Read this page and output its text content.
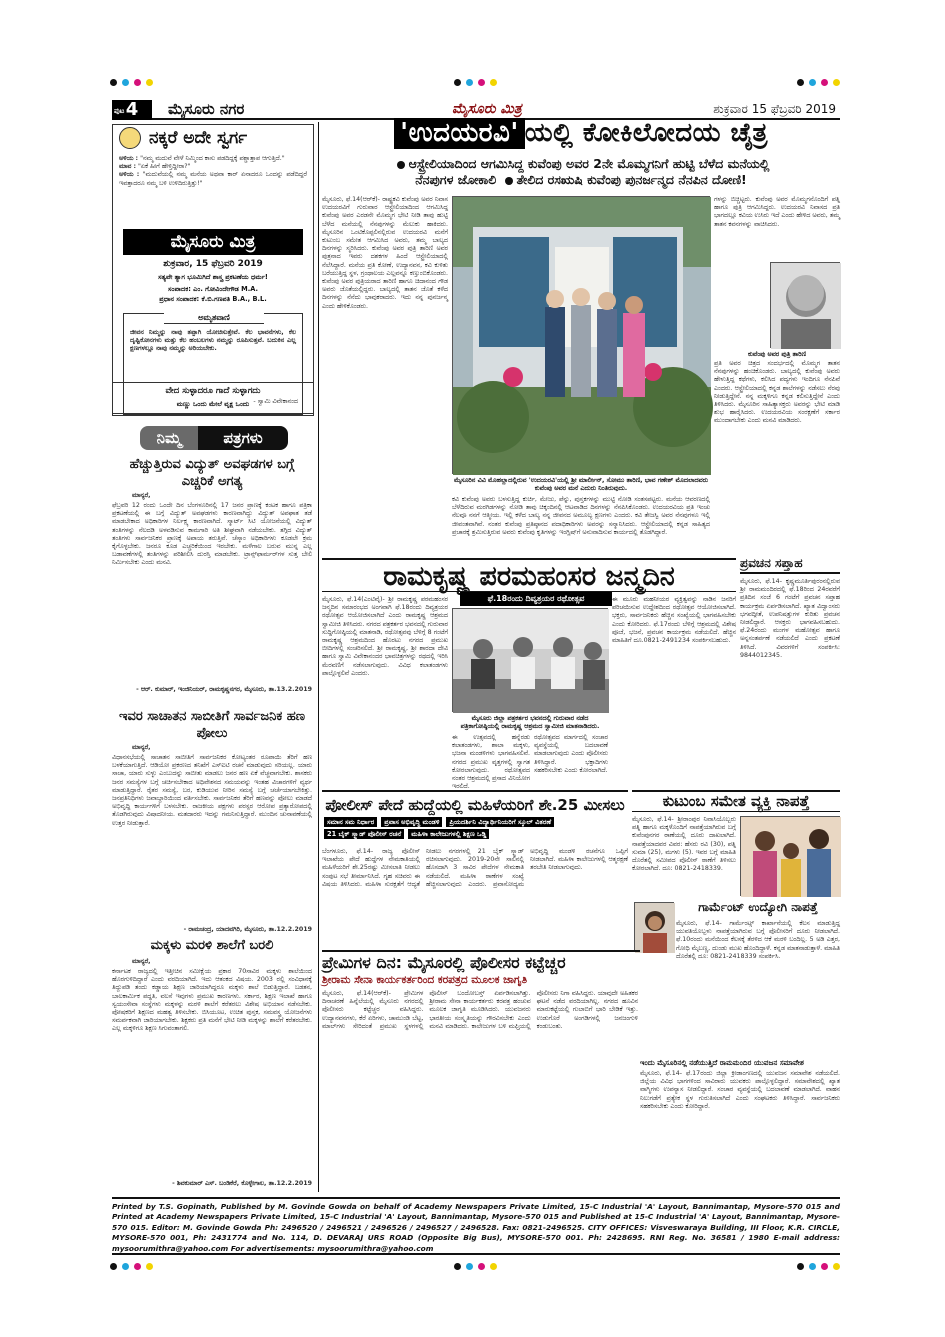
ಪುಟ 4	ಮೈಸೂರು ನಗರ	ಮೈಸೂರು ಮಿತ್ರ	ಶುಕ್ರವಾರ 15 ಫೆಬ್ರವರಿ 2019
ನಕ್ಕರೆ ಅದೇ ಸ್ವರ್ಗ
ಅಳಿಯ : "ನಮ್ಮ ಮದುವೆ ವೇಳೆ ನಿಮ್ಮಿಂದ ಕಾಸು ಪಡದಿದ್ದಕ್ಕೆ ಪಶ್ಚಾತ್ತಾಪ ಆಗುತ್ತಿದೆ."
ಮಾವ : "ಏಕೆ ಹೀಗೆ ಹೇಳ್ತಿದ್ದೀರಾ?"
ಅಳಿಯ : "ಮದುವೆಯಲ್ಲಿ ನಮ್ಮ ಮನೆಯ ಅಥವಾ ಕಾರ್ ಏನಾದರೂ ಒಂದನ್ನು ಪಡೆದಿದ್ದರೆ ಇವತ್ತಾದರೂ ನಮ್ಮ ಬಳಿ ಉಳಿದಿರುತ್ತಿತ್ತು!"
ಮೈಸೂರು ಮಿತ್ರ
ಶುಕ್ರವಾರ, 15 ಫೆಬ್ರವರಿ 2019
ಸತ್ಯವೇ ತ್ಯಾಗ ಭೂಮಿಗಿದೆ ಶಾಸ್ತ್ರ ಪ್ರಕಟಣೆಯ ಧರ್ಮ!
ಸಂಪಾದಕ: ಎಂ. ಗೋವಿಂದೇಗೌಡ M.A.
ಪ್ರಧಾನ ಸಂಪಾದಕ: ಕೆ.ಬಿ.ಗಣಪತಿ B.A., B.L.
ಅಮೃತವಾಣಿ
ಜೀವನ ನಿಮ್ಮನ್ನು ನಾವು ತಪ್ಪಾಗಿ ಯೋಚಿಸುತ್ತೇವೆ. ಕೆಲ ಭಾವನೆಗಳು, ಕೆಲ ದೃಷ್ಟಿಕೋನಗಳು ಮತ್ತು ಕೆಲ ಹಂಬಲಗಳು ನಮ್ಮನ್ನು ರೂಪಿಸುತ್ತವೆ. ಬದುಕಿನ ಎಲ್ಲ ಕ್ಷಣಗಳಲ್ಲೂ ನಾವು ನಮ್ಮನ್ನು ಅರಿಯಬೇಕು.
- ಸ್ವಾಮಿ ವಿವೇಕಾನಂದ
ವೇದ ಸುಳ್ಳಾದರೂ ಗಾದೆ ಸುಳ್ಳಾಗದು
ಮಣ್ಣು ಒಂದು ಮೇಲೆ ವೃಕ್ಷ ಒಂದು
ನಿಮ್ಮ	ಪತ್ರಗಳು
ಹೆಚ್ಚುತ್ತಿರುವ ವಿದ್ಯುತ್ ಅವಘಡಗಳ ಬಗ್ಗೆ ಎಚ್ಚರಿಕೆ ಅಗತ್ಯ
ಮಾನ್ಯರೆ,
ಫೆಬ್ರವರಿ 12 ರಂದು ಒಂದೇ ದಿನ ಬೆಂಗಳೂರಿನಲ್ಲಿ 17 ಜನರ ಪ್ರಾಣಕ್ಕೆ ಕಂಟಕ ಹಾಗೂ ಪತ್ರಿಕಾ ಪ್ರಕಟಣೆಯಲ್ಲಿ ಈ ಬಗ್ಗೆ ವಿದ್ಯುತ್ ಅವಘಡಗಳು ಕಾರಣವಾಗಿದ್ದು ವಿದ್ಯುತ್ ಅಪಘಾತ ತಡೆ ಮಾಡಬೇಕಾದ ಅಧಿಕಾರಿಗಳ ನಿರ್ಲಕ್ಷ್ಯ ಕಾರಣವಾಗಿದೆ. ಸ್ಮಾರ್ಟ್ ಸಿಟಿ ಯೋಜನೆಯಲ್ಲಿ ವಿದ್ಯುತ್ ತಂತಿಗಳನ್ನು ನೆಲದಡಿ ಅಳವಡಿಸುವ ಕಾಮಗಾರಿ ಅತಿ ಶೀಘ್ರವಾಗಿ ನಡೆಯಬೇಕು. ತಗ್ಗಿದ ವಿದ್ಯುತ್ ತಂತಿಗಳು ಸಾರ್ವಜನಿಕರ ಪ್ರಾಣಕ್ಕೆ ಅಪಾಯ ತರುತ್ತಿವೆ. ಚೆಸ್ಕಾಂ ಅಧಿಕಾರಿಗಳು ಕೂಡಲೇ ಕ್ರಮ ಕೈಗೊಳ್ಳಬೇಕು. ಜನರೂ ಕೂಡ ಎಚ್ಚರಿಕೆಯಿಂದ ಇರಬೇಕು. ಮಳೆಗಾಲ ಬರುವ ಮುನ್ನ ಎಲ್ಲ ಬಡಾವಣೆಗಳಲ್ಲಿ ತಂತಿಗಳನ್ನು ಪರಿಶೀಲಿಸಿ ದುರಸ್ತಿ ಮಾಡಬೇಕು. ಟ್ರಾನ್ಸ್‌ಫಾರ್ಮರ್‌ಗಳ ಸುತ್ತ ಬೇಲಿ ನಿರ್ಮಿಸಬೇಕು ಎಂದು ಮನವಿ.
- ಆರ್. ಕುಮಾರ್, ಇಂಜಿನಿಯರ್, ರಾಮಕೃಷ್ಣನಗರ, ಮೈಸೂರು, ತಾ.13.2.2019
ಇವರ ಸಾಚಾತನ ಸಾಬೀತಿಗೆ ಸಾರ್ವಜನಿಕ ಹಣ ಪೋಲು
ಮಾನ್ಯರೆ,
ವಿಧಾನಸಭೆಯಲ್ಲಿ ಸಾಚಾತನ ಸಾಬೀತಿಗೆ ಸಾರ್ವಜನಿಕರ ಕೋಟ್ಯಂತರ ರೂಪಾಯಿ ತೆರಿಗೆ ಹಣ ಬಳಕೆಯಾಗುತ್ತಿದೆ. ಆಡಿಯೋ ಪ್ರಕರಣದ ತನಿಖೆಗೆ ಎಸ್ಐಟಿ ರಚನೆ ಮಾಡುವುದು ಸರಿಯಲ್ಲ. ಯಾರು ಸಾಚಾ, ಯಾರು ಸುಳ್ಳು ಎಂಬುದನ್ನು ಸಾಬೀತು ಮಾಡಲು ಜನರ ಹಣ ಏಕೆ ವೆಚ್ಚವಾಗಬೇಕು. ಶಾಸಕರು ಜನರ ಸಮಸ್ಯೆಗಳ ಬಗ್ಗೆ ಚರ್ಚಿಸಬೇಕಾದ ಅಧಿವೇಶನದ ಸಮಯವನ್ನು ಇಂತಹ ವಿಚಾರಗಳಿಗೆ ವ್ಯರ್ಥ ಮಾಡುತ್ತಿದ್ದಾರೆ. ರೈತರ ಸಮಸ್ಯೆ, ಬರ, ಕುಡಿಯುವ ನೀರಿನ ಸಮಸ್ಯೆ ಬಗ್ಗೆ ಚರ್ಚೆಯಾಗಬೇಕಿತ್ತು. ಜನಪ್ರತಿನಿಧಿಗಳು ಜವಾಬ್ದಾರಿಯಿಂದ ವರ್ತಿಸಬೇಕು. ಸಾರ್ವಜನಿಕರ ತೆರಿಗೆ ಹಣವನ್ನು ಪೋಲು ಮಾಡದೆ ಅಭಿವೃದ್ಧಿ ಕಾರ್ಯಗಳಿಗೆ ಬಳಸಬೇಕು. ರಾಜಕೀಯ ಪಕ್ಷಗಳು ಪರಸ್ಪರ ಆರೋಪ ಪ್ರತ್ಯಾರೋಪದಲ್ಲಿ ತೊಡಗಿರುವುದು ವಿಷಾದನೀಯ. ಮತದಾರರು ಇದನ್ನು ಗಮನಿಸುತ್ತಿದ್ದಾರೆ. ಮುಂದಿನ ಚುನಾವಣೆಯಲ್ಲಿ ಉತ್ತರ ನೀಡುತ್ತಾರೆ.
- ರಾಮಚಂದ್ರ, ಯಾದವಗಿರಿ, ಮೈಸೂರು, ತಾ.12.2.2019
ಮಕ್ಕಳು ಮರಳಿ ಶಾಲೆಗೆ ಬರಲಿ
ಮಾನ್ಯರೆ,
ಕರ್ನಾಟಕ ರಾಜ್ಯದಲ್ಲಿ ಇತ್ತೀಚಿನ ಸಮೀಕ್ಷೆಯ ಪ್ರಕಾರ 70ಸಾವಿರ ಮಕ್ಕಳು ಶಾಲೆಯಿಂದ ಹೊರಗುಳಿದಿದ್ದಾರೆ ಎಂದು ವರದಿಯಾಗಿದೆ. ಇದು ಆತಂಕದ ವಿಷಯ. 2003 ರಲ್ಲಿ ಸಂವಿಧಾನಕ್ಕೆ ತಿದ್ದುಪಡಿ ತಂದು ಕಡ್ಡಾಯ ಶಿಕ್ಷಣ ಜಾರಿಯಾಗಿದ್ದರೂ ಮಕ್ಕಳು ಶಾಲೆ ಬಿಡುತ್ತಿದ್ದಾರೆ. ಬಡತನ, ಬಾಲಕಾರ್ಮಿಕ ಪದ್ಧತಿ, ವಲಸೆ ಇವುಗಳು ಪ್ರಮುಖ ಕಾರಣಗಳು. ಸರ್ಕಾರ, ಶಿಕ್ಷಣ ಇಲಾಖೆ ಹಾಗೂ ಸ್ವಯಂಸೇವಾ ಸಂಸ್ಥೆಗಳು ಮಕ್ಕಳನ್ನು ಮರಳಿ ಶಾಲೆಗೆ ಕರೆತರಲು ವಿಶೇಷ ಅಭಿಯಾನ ನಡೆಸಬೇಕು. ಪೋಷಕರಿಗೆ ಶಿಕ್ಷಣದ ಮಹತ್ವ ತಿಳಿಸಬೇಕು. ಬಿಸಿಯೂಟ, ಉಚಿತ ಪುಸ್ತಕ, ಸಮವಸ್ತ್ರ ಯೋಜನೆಗಳು ಸಮರ್ಪಕವಾಗಿ ಜಾರಿಯಾಗಬೇಕು. ಶಿಕ್ಷಕರು ಪ್ರತಿ ಮನೆಗೆ ಭೇಟಿ ನೀಡಿ ಮಕ್ಕಳನ್ನು ಶಾಲೆಗೆ ಕರೆತರಬೇಕು. ಎಲ್ಲ ಮಕ್ಕಳಿಗೂ ಶಿಕ್ಷಣ ಸಿಗುವಂತಾಗಲಿ.
- ಶಿವಕುಮಾರ್ ಎಸ್. ಬಂಡಿಕೆರೆ, ಕೊಳ್ಳೇಗಾಲ, ತಾ.12.2.2019
'ಉದಯರವಿ' ಯಲ್ಲಿ ಕೋಕಿಲೋದಯ ಚೈತ್ರ
ಆಸ್ಟ್ರೇಲಿಯಾದಿಂದ ಆಗಮಿಸಿದ್ದ ಕುವೆಂಪು ಅವರ 2ನೇ ಮೊಮ್ಮಗನಿಗೆ ಹುಟ್ಟಿ ಬೆಳೆದ ಮನೆಯಲ್ಲಿ
ನೆನಪುಗಳ ಜೋಕಾಲಿ ತೇಲಿದ ರಸಋಷಿ ಕುವೆಂಪು ಪುನರ್ಜನ್ಮದ ನೆನಪಿನ ದೋಣಿ!
ಮೈಸೂರು, ಫೆ.14(ಆರ್‌ಕೆ)- ರಾಷ್ಟ್ರಕವಿ ಕುವೆಂಪು ಅವರ ನಿವಾಸ ಉದಯರವಿಗೆ ಗುರುವಾರ ಆಸ್ಟ್ರೇಲಿಯಾದಿಂದ ಆಗಮಿಸಿದ್ದ ಕುವೆಂಪು ಅವರ ಎರಡನೇ ಮೊಮ್ಮಗ ಭೇಟಿ ನೀಡಿ ತಾವು ಹುಟ್ಟಿ ಬೆಳೆದ ಮನೆಯಲ್ಲಿ ನೆನಪುಗಳನ್ನು ಮೆಲುಕು ಹಾಕಿದರು. ಮೈಸೂರಿನ ಒಂಟಿಕೊಪ್ಪಲಿನಲ್ಲಿರುವ ಉದಯರವಿ ಮನೆಗೆ ಕುಟುಂಬ ಸಮೇತ ಆಗಮಿಸಿದ ಅವರು, ತಮ್ಮ ಬಾಲ್ಯದ ದಿನಗಳನ್ನು ಸ್ಮರಿಸಿದರು. ಕುವೆಂಪು ಅವರ ಪುತ್ರಿ ತಾರಿಣಿ ಅವರ ಪುತ್ರನಾದ ಇವರು ದಶಕಗಳ ಹಿಂದೆ ಆಸ್ಟ್ರೇಲಿಯಾದಲ್ಲಿ ನೆಲೆಸಿದ್ದಾರೆ. ಮನೆಯ ಪ್ರತಿ ಕೋಣೆ, ಉದ್ಯಾನವನ, ಕವಿ ಕುಳಿತು ಬರೆಯುತ್ತಿದ್ದ ಸ್ಥಳ, ಗ್ರಂಥಾಲಯ ಎಲ್ಲವನ್ನೂ ಕಣ್ತುಂಬಿಕೊಂಡರು. ಕುವೆಂಪು ಅವರ ಪುತ್ರಿಯರಾದ ತಾರಿಣಿ ಹಾಗೂ ಚಿದಾನಂದ ಗೌಡ ಅವರು ಜೊತೆಯಲ್ಲಿದ್ದರು. ಬಾಲ್ಯದಲ್ಲಿ ತಾತನ ಜೊತೆ ಕಳೆದ ದಿನಗಳನ್ನು ನೆನೆದು ಭಾವುಕರಾದರು. ಇದು ನನ್ನ ಪುನರ್ಜನ್ಮ ಎಂದು ಹೇಳಿಕೊಂಡರು.
ಮೈಸೂರಿನ ವಿವಿ ಮೊಹಲ್ಲಾದಲ್ಲಿರುವ 'ಉದಯರವಿ'ಯಲ್ಲಿ ಶ್ರೀ ಮಾರ್ಲೀನ್, ಸೋಮು ತಾರಿಣಿ, ಭಾವ ಗಣೇಶ್ ಮೊದಲಾದವರು ಕುವೆಂಪು ಅವರ ಮನೆ ಎದುರು ನಿಂತಿರುವುದು.
ಗಳನ್ನು ಬಿಚ್ಚಿಟ್ಟರು. ಕುವೆಂಪು ಅವರ ಮೊಮ್ಮಗನೊಂದಿಗೆ ಪತ್ನಿ ಹಾಗೂ ಪುತ್ರಿ ಆಗಮಿಸಿದ್ದರು. ಉದಯರವಿ ನಿವಾಸದ ಪ್ರತಿ ಭಾಗದಲ್ಲೂ ಕವಿಯ ಉಸಿರು ಇದೆ ಎಂದು ಹೇಳಿದ ಅವರು, ತಮ್ಮ ತಾತನ ಕವನಗಳನ್ನು ವಾಚಿಸಿದರು.
ಕುವೆಂಪು ಅವರ ಪುತ್ರಿ ತಾರಿಣಿ
ಪ್ರತಿ ಅವರ ಚಿತ್ರದ ಸಂದರ್ಭದಲ್ಲಿ ಮೊಮ್ಮಗ ತಾತನ ನೆನಪುಗಳನ್ನು ಹಂಚಿಕೊಂಡರು. ಬಾಲ್ಯದಲ್ಲಿ ಕುವೆಂಪು ಅವರು ಹೇಳುತ್ತಿದ್ದ ಕಥೆಗಳು, ಕಲಿಸಿದ ಪದ್ಯಗಳು ಇಂದಿಗೂ ನೆನಪಿವೆ ಎಂದರು. ಆಸ್ಟ್ರೇಲಿಯಾದಲ್ಲಿ ಕನ್ನಡ ಶಾಲೆಗಳನ್ನು ನಡೆಸಲು ನೆರವು ನೀಡುತ್ತಿದ್ದೇನೆ. ನನ್ನ ಮಕ್ಕಳಿಗೂ ಕನ್ನಡ ಕಲಿಸುತ್ತಿದ್ದೇನೆ ಎಂದು ತಿಳಿಸಿದರು. ಮೈಸೂರಿನ ಸಾಹಿತ್ಯಾಸಕ್ತರು ಅವರನ್ನು ಭೇಟಿ ಮಾಡಿ ಶುಭ ಹಾರೈಸಿದರು. ಉದಯರವಿಯ ಸಂರಕ್ಷಣೆಗೆ ಸರ್ಕಾರ ಮುಂದಾಗಬೇಕು ಎಂದು ಮನವಿ ಮಾಡಿದರು.
ಕವಿ ಕುವೆಂಪು ಅವರು ಬಳಸುತ್ತಿದ್ದ ಕುರ್ಚಿ, ಮೇಜು, ಪೆನ್ನು, ಪುಸ್ತಕಗಳನ್ನು ಮುಟ್ಟಿ ನೋಡಿ ಸಂತಸಪಟ್ಟರು. ಮನೆಯ ಆವರಣದಲ್ಲಿ ಬೆಳೆದಿರುವ ಮರಗಿಡಗಳನ್ನು ನೋಡಿ ತಾವು ಚಿಕ್ಕಂದಿನಲ್ಲಿ ಆಟವಾಡಿದ ದಿನಗಳನ್ನು ನೆನಪಿಸಿಕೊಂಡರು. ಉದಯರವಿಯ ಪ್ರತಿ ಇಂಚು ನೆಲವೂ ನನಗೆ ಆತ್ಮೀಯ. ಇಲ್ಲಿ ಕಳೆದ ಬಾಲ್ಯ ನನ್ನ ಜೀವನದ ಅಮೂಲ್ಯ ಕ್ಷಣಗಳು ಎಂದರು. ಕವಿ ತೇಜಸ್ವಿ ಅವರ ನೆನಪುಗಳೂ ಇಲ್ಲಿ ಜೀವಂತವಾಗಿವೆ. ನಂತರ ಕುವೆಂಪು ಪ್ರತಿಷ್ಠಾನದ ಪದಾಧಿಕಾರಿಗಳು ಅವರನ್ನು ಸನ್ಮಾನಿಸಿದರು. ಆಸ್ಟ್ರೇಲಿಯಾದಲ್ಲಿ ಕನ್ನಡ ಸಾಹಿತ್ಯದ ಪ್ರಚಾರಕ್ಕೆ ಶ್ರಮಿಸುತ್ತಿರುವ ಅವರು ಕುವೆಂಪು ಕೃತಿಗಳನ್ನು ಇಂಗ್ಲಿಷ್‌ಗೆ ಅನುವಾದಿಸುವ ಕಾರ್ಯದಲ್ಲಿ ತೊಡಗಿದ್ದಾರೆ.
ರಾಮಕೃಷ್ಣ ಪರಮಹಂಸರ ಜನ್ಮದಿನ
ಫೆ.18ರಂದು ದಿವ್ಯತ್ರಯರ ರಥೋತ್ಸವ
ಮೈಸೂರು, ಫೆ.14(ಎಂಟಿವೈ)- ಶ್ರೀ ರಾಮಕೃಷ್ಣ ಪರಮಹಂಸರ ಜನ್ಮದಿನ ಸಮಾರಂಭದ ಅಂಗವಾಗಿ ಫೆ.18ರಂದು ದಿವ್ಯತ್ರಯರ ರಥೋತ್ಸವ ಆಯೋಜಿಸಲಾಗಿದೆ ಎಂದು ರಾಮಕೃಷ್ಣ ಆಶ್ರಮದ ಸ್ವಾಮೀಜಿ ತಿಳಿಸಿದರು. ನಗರದ ಪತ್ರಕರ್ತರ ಭವನದಲ್ಲಿ ಗುರುವಾರ ಸುದ್ದಿಗೋಷ್ಠಿಯಲ್ಲಿ ಮಾತನಾಡಿ, ರಥೋತ್ಸವವು ಬೆಳಿಗ್ಗೆ 8 ಗಂಟೆಗೆ ರಾಮಕೃಷ್ಣ ಆಶ್ರಮದಿಂದ ಹೊರಟು ನಗರದ ಪ್ರಮುಖ ಬೀದಿಗಳಲ್ಲಿ ಸಂಚರಿಸಲಿದೆ. ಶ್ರೀ ರಾಮಕೃಷ್ಣ, ಶ್ರೀ ಶಾರದಾ ದೇವಿ ಹಾಗೂ ಸ್ವಾಮಿ ವಿವೇಕಾನಂದರ ಭಾವಚಿತ್ರಗಳನ್ನು ರಥದಲ್ಲಿ ಇರಿಸಿ ಮೆರವಣಿಗೆ ನಡೆಸಲಾಗುವುದು. ವಿವಿಧ ಕಲಾತಂಡಗಳು ಪಾಲ್ಗೊಳ್ಳಲಿವೆ ಎಂದರು.
ಮೈಸೂರು ಜಿಲ್ಲಾ ಪತ್ರಕರ್ತರ ಭವನದಲ್ಲಿ ಗುರುವಾರ ನಡೆದ ಪತ್ರಿಕಾಗೋಷ್ಠಿಯಲ್ಲಿ ರಾಮಕೃಷ್ಣ ಆಶ್ರಮದ ಸ್ವಾಮೀಜಿ ಮಾತನಾಡಿದರು.
ಈ ಮೂರು ಮಹನೀಯರ ವ್ಯಕ್ತಿತ್ವವನ್ನು ನಾಡಿನ ಜನರಿಗೆ ಪರಿಚಯಿಸುವ ಉದ್ದೇಶದಿಂದ ರಥೋತ್ಸವ ಆಯೋಜಿಸಲಾಗಿದೆ. ಭಕ್ತರು, ಸಾರ್ವಜನಿಕರು ಹೆಚ್ಚಿನ ಸಂಖ್ಯೆಯಲ್ಲಿ ಭಾಗವಹಿಸಬೇಕು ಎಂದು ಕೋರಿದರು. ಫೆ.17ರಂದು ಬೆಳಿಗ್ಗೆ ಆಶ್ರಮದಲ್ಲಿ ವಿಶೇಷ ಪೂಜೆ, ಭಜನೆ, ಪ್ರವಚನ ಕಾರ್ಯಕ್ರಮ ನಡೆಯಲಿದೆ. ಹೆಚ್ಚಿನ ಮಾಹಿತಿಗೆ ದೂ.0821-2491234 ಸಂಪರ್ಕಿಸಬಹುದು.
ಈ ಉತ್ಸವದಲ್ಲಿ ಹನ್ನೆರಡು ಕಲಾತಂಡಗಳು, ಶಾಲಾ ಮಕ್ಕಳು, ಭಜನಾ ಮಂಡಳಿಗಳು ಭಾಗವಹಿಸಲಿವೆ. ನಗರದ ಪ್ರಮುಖ ವೃತ್ತಗಳಲ್ಲಿ ಸ್ವಾಗತ ಕೋರಲಾಗುವುದು. ರಥೋತ್ಸವದ ನಂತರ ಆಶ್ರಮದಲ್ಲಿ ಪ್ರಸಾದ ವಿನಿಯೋಗ ಇರಲಿದೆ.
ರಥೋತ್ಸವದ ಮಾರ್ಗದಲ್ಲಿ ಸಂಚಾರ ವ್ಯವಸ್ಥೆಯಲ್ಲಿ ಬದಲಾವಣೆ ಮಾಡಲಾಗುವುದು ಎಂದು ಪೊಲೀಸರು ತಿಳಿಸಿದ್ದಾರೆ. ಭಕ್ತಾದಿಗಳು ಸಹಕರಿಸಬೇಕು ಎಂದು ಕೋರಲಾಗಿದೆ.
ಪ್ರವಚನ ಸಪ್ತಾಹ
ಮೈಸೂರು, ಫೆ.14- ಕೃಷ್ಣಮೂರ್ತಿಪುರಂನಲ್ಲಿರುವ ಶ್ರೀ ರಾಮಮಂದಿರದಲ್ಲಿ ಫೆ.18ರಿಂದ 24ರವರೆಗೆ ಪ್ರತಿದಿನ ಸಂಜೆ 6 ಗಂಟೆಗೆ ಪ್ರವಚನ ಸಪ್ತಾಹ ಕಾರ್ಯಕ್ರಮ ಏರ್ಪಡಿಸಲಾಗಿದೆ. ಖ್ಯಾತ ವಿದ್ವಾಂಸರು ಭಗವದ್ಗೀತೆ, ಉಪನಿಷತ್ತುಗಳ ಕುರಿತು ಪ್ರವಚನ ನೀಡಲಿದ್ದಾರೆ. ಆಸಕ್ತರು ಭಾಗವಹಿಸಬಹುದು. ಫೆ.24ರಂದು ಮಂಗಳ ಮಹೋತ್ಸವ ಹಾಗೂ ಅನ್ನಸಂತರ್ಪಣೆ ನಡೆಯಲಿದೆ ಎಂದು ಪ್ರಕಟಣೆ ತಿಳಿಸಿದೆ. ವಿವರಗಳಿಗೆ ಸಂಪರ್ಕಿಸಿ: 9844012345.
ಪೋಲೀಸ್ ಪೇದೆ ಹುದ್ದೆಯಲ್ಲಿ ಮಹಿಳೆಯರಿಗೆ ಶೇ.25 ಮೀಸಲು
ಸಮಾನ ಸಮ ನಿರ್ಧಾರ ಪ್ರವಾಸ ಅಭಿವೃದ್ಧಿ ಮಂಡಳಿ ಪ್ರಿಯದರ್ಶಿನಿ ವಿದ್ಯಾರ್ಥಿನಿಯರಿಗೆ ಸ್ಕೂಲ್ ವಿತರಣೆ
21 ಬೈಕ್ ಸ್ಕ್ವಾಡ್ ಪೊಲೀಸ್ ರಚನೆ ಮಹಿಳಾ ಕಾಲೇಜುಗಳಲ್ಲಿ ಶಿಕ್ಷಣ ಒಡ್ಡಿ
ಬೆಂಗಳೂರು, ಫೆ.14- ರಾಜ್ಯ ಪೊಲೀಸ್ ಇಲಾಖೆಯ ಪೇದೆ ಹುದ್ದೆಗಳ ನೇಮಕಾತಿಯಲ್ಲಿ ಮಹಿಳೆಯರಿಗೆ ಶೇ.25ರಷ್ಟು ಮೀಸಲಾತಿ ನೀಡಲು ಸಂಪುಟ ಸಭೆ ತೀರ್ಮಾನಿಸಿದೆ. ಗೃಹ ಸಚಿವರು ಈ ವಿಷಯ ತಿಳಿಸಿದರು. ಮಹಿಳಾ ಸುರಕ್ಷತೆಗೆ ಆದ್ಯತೆ ನೀಡಲು ನಗರಗಳಲ್ಲಿ 21 ಬೈಕ್ ಸ್ಕ್ವಾಡ್ ರಚಿಸಲಾಗುವುದು. 2019-20ನೇ ಸಾಲಿನಲ್ಲಿ ಹೊಸದಾಗಿ 3 ಸಾವಿರ ಪೇದೆಗಳ ನೇಮಕಾತಿ ನಡೆಯಲಿದೆ. ಮಹಿಳಾ ಠಾಣೆಗಳ ಸಂಖ್ಯೆ ಹೆಚ್ಚಿಸಲಾಗುವುದು ಎಂದರು. ಪ್ರವಾಸೋದ್ಯಮ ಅಭಿವೃದ್ಧಿ ಮಂಡಳಿ ರಚನೆಗೂ ಒಪ್ಪಿಗೆ ನೀಡಲಾಗಿದೆ. ಮಹಿಳಾ ಕಾಲೇಜುಗಳಲ್ಲಿ ಆತ್ಮರಕ್ಷಣೆ ತರಬೇತಿ ನೀಡಲಾಗುವುದು.
ಕುಟುಂಬ ಸಮೇತ ವ್ಯಕ್ತಿ ನಾಪತ್ತೆ
ಮೈಸೂರು, ಫೆ.14- ಶ್ರೀರಾಂಪುರ ನಿವಾಸಿಯೊಬ್ಬರು ಪತ್ನಿ ಹಾಗೂ ಮಕ್ಕಳೊಂದಿಗೆ ನಾಪತ್ತೆಯಾಗಿರುವ ಬಗ್ಗೆ ಕುವೆಂಪುನಗರ ಠಾಣೆಯಲ್ಲಿ ದೂರು ದಾಖಲಾಗಿದೆ. ನಾಪತ್ತೆಯಾದವರ ವಿವರ: ಹೆಸರು ರವಿ (30), ಪತ್ನಿ ಸುಮಾ (25), ಮಗಳು (5). ಇವರ ಬಗ್ಗೆ ಮಾಹಿತಿ ದೊರೆತಲ್ಲಿ ಸಮೀಪದ ಪೊಲೀಸ್ ಠಾಣೆಗೆ ತಿಳಿಸಲು ಕೋರಲಾಗಿದೆ. ದೂ: 0821-2418339.
ಗಾರ್ಮೆಂಟ್ ಉದ್ಯೋಗಿ ನಾಪತ್ತೆ
ಮೈಸೂರು, ಫೆ.14- ಗಾರ್ಮೆಂಟ್ಸ್ ಕಾರ್ಖಾನೆಯಲ್ಲಿ ಕೆಲಸ ಮಾಡುತ್ತಿದ್ದ ಯುವತಿಯೊಬ್ಬಳು ನಾಪತ್ತೆಯಾಗಿರುವ ಬಗ್ಗೆ ಪೊಲೀಸರಿಗೆ ದೂರು ನೀಡಲಾಗಿದೆ. ಫೆ.10ರಂದು ಮನೆಯಿಂದ ಕೆಲಸಕ್ಕೆ ತೆರಳಿದ ಆಕೆ ಮರಳಿ ಬಂದಿಲ್ಲ. 5 ಅಡಿ ಎತ್ತರ, ಗೋಧಿ ಮೈಬಣ್ಣ, ದುಂಡು ಮುಖ ಹೊಂದಿದ್ದಾಳೆ. ಕನ್ನಡ ಮಾತನಾಡುತ್ತಾಳೆ. ಮಾಹಿತಿ ದೊರೆತಲ್ಲಿ ದೂ: 0821-2418339 ಸಂಪರ್ಕಿಸಿ.
ಪ್ರೇಮಿಗಳ ದಿನ: ಮೈಸೂರಲ್ಲಿ ಪೊಲೀಸರ ಕಟ್ಟೆಚ್ಚರ
ಶ್ರೀರಾಮ ಸೇನಾ ಕಾರ್ಯಕರ್ತರಿಂದ ಕರಪತ್ರದ ಮೂಲಕ ಜಾಗೃತಿ
ಮೈಸೂರು, ಫೆ.14(ಆರ್‌ಕೆ)- ಪ್ರೇಮಿಗಳ ದಿನಾಚರಣೆ ಹಿನ್ನೆಲೆಯಲ್ಲಿ ಮೈಸೂರು ನಗರದಲ್ಲಿ ಪೊಲೀಸರು ಕಟ್ಟೆಚ್ಚರ ವಹಿಸಿದ್ದರು. ಉದ್ಯಾನವನಗಳು, ಕೆರೆ ಏರಿಗಳು, ಚಾಮುಂಡಿ ಬೆಟ್ಟ, ಮಾಲ್‌ಗಳು ಸೇರಿದಂತೆ ಪ್ರಮುಖ ಸ್ಥಳಗಳಲ್ಲಿ ಪೊಲೀಸ್ ಬಂದೋಬಸ್ತ್ ಏರ್ಪಡಿಸಲಾಗಿತ್ತು. ಶ್ರೀರಾಮ ಸೇನಾ ಕಾರ್ಯಕರ್ತರು ಕರಪತ್ರ ಹಂಚುವ ಮೂಲಕ ಜಾಗೃತಿ ಮೂಡಿಸಿದರು. ಯುವಜನರು ಭಾರತೀಯ ಸಂಸ್ಕೃತಿಯನ್ನು ಗೌರವಿಸಬೇಕು ಎಂದು ಮನವಿ ಮಾಡಿದರು. ಕಾಲೇಜುಗಳ ಬಳಿ ಮಫ್ತಿಯಲ್ಲಿ ಪೊಲೀಸರು ನಿಗಾ ವಹಿಸಿದ್ದರು. ಯಾವುದೇ ಅಹಿತಕರ ಘಟನೆ ನಡೆದ ವರದಿಯಾಗಿಲ್ಲ. ನಗರದ ಹೂವಿನ ಮಾರುಕಟ್ಟೆಯಲ್ಲಿ ಗುಲಾಬಿಗೆ ಭಾರಿ ಬೇಡಿಕೆ ಇತ್ತು. ಉಡುಗೊರೆ ಅಂಗಡಿಗಳಲ್ಲಿ ಜನಜಂಗುಳಿ ಕಂಡುಬಂತು.
ಇಂದು ಮೈಸೂರಿನಲ್ಲಿ ನಡೆಯುತ್ತಿದೆ ರಾಮಮಂದಿರ ಯುವಜನ ಸಮಾವೇಶ
ಮೈಸೂರು, ಫೆ.14- ಫೆ.17ರಂದು ಜಿಲ್ಲಾ ಕ್ರೀಡಾಂಗಣದಲ್ಲಿ ಯುವಜನ ಸಮಾವೇಶ ನಡೆಯಲಿದೆ. ಜಿಲ್ಲೆಯ ವಿವಿಧ ಭಾಗಗಳಿಂದ ಸಾವಿರಾರು ಯುವಕರು ಪಾಲ್ಗೊಳ್ಳಲಿದ್ದಾರೆ. ಸಮಾವೇಶದಲ್ಲಿ ಖ್ಯಾತ ವಾಗ್ಮಿಗಳು ಉಪನ್ಯಾಸ ನೀಡಲಿದ್ದಾರೆ. ಸಂಚಾರ ವ್ಯವಸ್ಥೆಯಲ್ಲಿ ಬದಲಾವಣೆ ಮಾಡಲಾಗಿದೆ. ವಾಹನ ನಿಲುಗಡೆಗೆ ಪ್ರತ್ಯೇಕ ಸ್ಥಳ ಗುರುತಿಸಲಾಗಿದೆ ಎಂದು ಸಂಘಟಕರು ತಿಳಿಸಿದ್ದಾರೆ. ಸಾರ್ವಜನಿಕರು ಸಹಕರಿಸಬೇಕು ಎಂದು ಕೋರಿದ್ದಾರೆ.
Printed by T.S. Gopinath, Published by M. Govinde Gowda on behalf of Academy Newspapers Private Limited, 15-C Industrial 'A' Layout, Bannimantap, Mysore-570 015 and Printed at Academy Newspapers Private Limited, 15-C Industrial 'A' Layout, Bannimantap, Mysore-570 015 and Published at 15-C Industrial 'A' Layout, Bannimantap, Mysore-570 015. Editor: M. Govinde Gowda Ph: 2496520 / 2496521 / 2496526 / 2496527 / 2496528. Fax: 0821-2496525. CITY OFFICES: Visveswaraya Building, III Floor, K.R. CIRCLE, MYSORE-570 001, Ph: 2431774 and No. 114, D. DEVARAJ URS ROAD (Opposite Big Bus), MYSORE-570 001. Ph: 2428695. RNI Reg. No. 36581 / 1980 E-mail address: mysoorumithra@yahoo.com For advertisements: mysoorumithra@yahoo.com
